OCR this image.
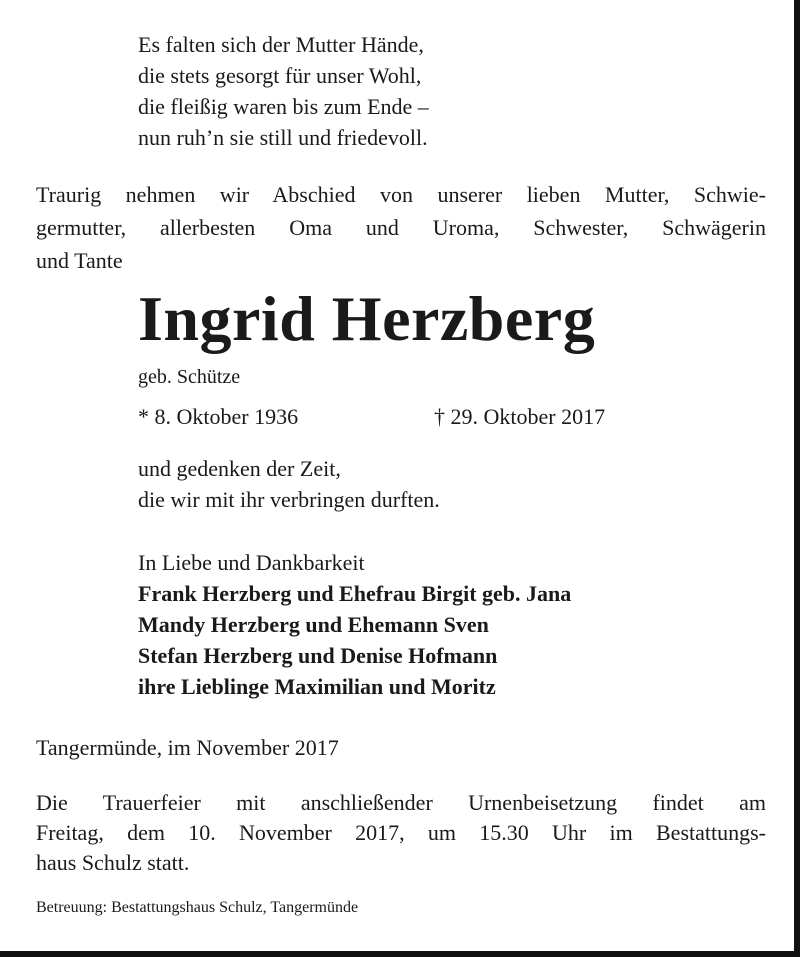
Es falten sich der Mutter Hände,
die stets gesorgt für unser Wohl,
die fleißig waren bis zum Ende –
nun ruh’n sie still und friedevoll.
Traurig nehmen wir Abschied von unserer lieben Mutter, Schwie-
germutter, allerbesten Oma und Uroma, Schwester, Schwägerin
und Tante
Ingrid Herzberg
geb. Schütze
* 8. Oktober 1936	† 29. Oktober 2017
und gedenken der Zeit,
die wir mit ihr verbringen durften.
In Liebe und Dankbarkeit
Frank Herzberg und Ehefrau Birgit geb. Jana
Mandy Herzberg und Ehemann Sven
Stefan Herzberg und Denise Hofmann
ihre Lieblinge Maximilian und Moritz
Tangermünde, im November 2017
Die Trauerfeier mit anschließender Urnenbeisetzung findet am
Freitag, dem 10. November 2017, um 15.30 Uhr im Bestattungs-
haus Schulz statt.
Betreuung: Bestattungshaus Schulz, Tangermünde
